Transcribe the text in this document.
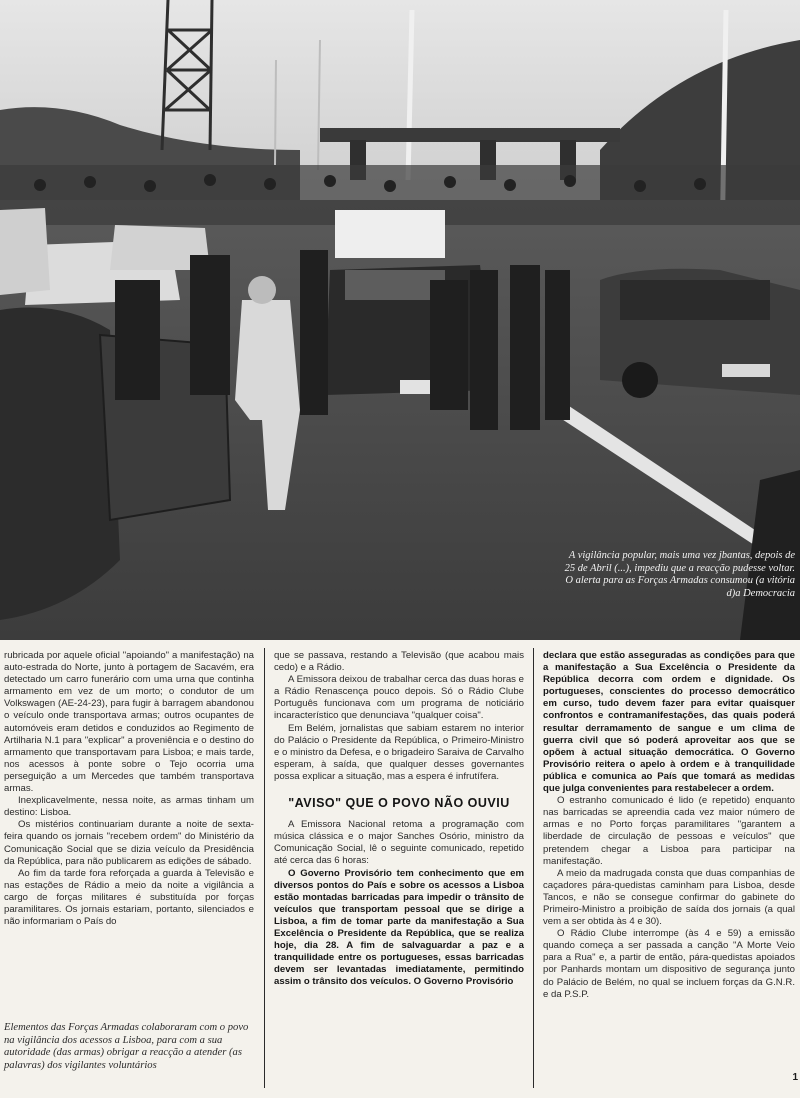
A vigilância popular, mais uma vez jbantas, depois de 25 de Abril (...), impediu que a reacção pudesse voltar. O alerta para as Forças Armadas consumou (a vitória d)a Democracia

rubricada por aquele oficial "apoiando" a manifestação) na auto-estrada do Norte, junto à portagem de Sacavém, era detectado um carro funerário com uma urna que continha armamento em vez de um morto; o condutor de um Volkswagen (AE-24-23), para fugir à barragem abandonou o veículo onde transportava armas; outros ocupantes de automóveis eram detidos e conduzidos ao Regimento de Artilharia N.1 para "explicar" a proveniência e o destino do armamento que transportavam para Lisboa; e mais tarde, nos acessos à ponte sobre o Tejo ocorria uma perseguição a um Mercedes que também transportava armas.

Inexplicavelmente, nessa noite, as armas tinham um destino: Lisboa.

Os mistérios continuariam durante a noite de sexta-feira quando os jornais "recebem ordem" do Ministério da Comunicação Social que se dizia veículo da Presidência da República, para não publicarem as edições de sábado.

Ao fim da tarde fora reforçada a guarda à Televisão e nas estações de Rádio a meio da noite a vigilância a cargo de forças militares é substituída por forças paramilitares. Os jornais estariam, portanto, silenciados e não informariam o País do

Elementos das Forças Armadas colaboraram com o povo na vigilância dos acessos a Lisboa, para com a sua autoridade (das armas) obrigar a reacção a atender (as palavras) dos vigilantes voluntários

que se passava, restando a Televisão (que acabou mais cedo) e a Rádio.

A Emissora deixou de trabalhar cerca das duas horas e a Rádio Renascença pouco depois. Só o Rádio Clube Português funcionava com um programa de noticiário incaracterístico que denunciava "qualquer coisa".

Em Belém, jornalistas que sabiam estarem no interior do Palácio o Presidente da República, o Primeiro-Ministro e o ministro da Defesa, e o brigadeiro Saraiva de Carvalho esperam, à saída, que qualquer desses governantes possa explicar a situação, mas a espera é infrutífera.

"AVISO" QUE O POVO NÃO OUVIU

A Emissora Nacional retoma a programação com música clássica e o major Sanches Osório, ministro da Comunicação Social, lê o seguinte comunicado, repetido até cerca das 6 horas:

O Governo Provisório tem conhecimento que em diversos pontos do País e sobre os acessos a Lisboa estão montadas barricadas para impedir o trânsito de veículos que transportam pessoal que se dirige a Lisboa, a fim de tomar parte da manifestação a Sua Excelência o Presidente da República, que se realiza hoje, dia 28. A fim de salvaguardar a paz e a tranquilidade entre os portugueses, essas barricadas devem ser levantadas imediatamente, permitindo assim o trânsito dos veículos. O Governo Provisório

declara que estão asseguradas as condições para que a manifestação a Sua Excelência o Presidente da República decorra com ordem e dignidade. Os portugueses, conscientes do processo democrático em curso, tudo devem fazer para evitar quaisquer confrontos e contramanifestações, das quais poderá resultar derramamento de sangue e um clima de guerra civil que só poderá aproveitar aos que se opõem à actual situação democrática. O Governo Provisório reitera o apelo à ordem e à tranquilidade pública e comunica ao País que tomará as medidas que julga convenientes para restabelecer a ordem.

O estranho comunicado é lido (e repetido) enquanto nas barricadas se apreendia cada vez maior número de armas e no Porto forças paramilitares "garantem a liberdade de circulação de pessoas e veículos" que pretendem chegar a Lisboa para participar na manifestação.

A meio da madrugada consta que duas companhias de caçadores pára-quedistas caminham para Lisboa, desde Tancos, e não se consegue confirmar do gabinete do Primeiro-Ministro a proibição de saída dos jornais (a qual vem a ser obtida às 4 e 30).

O Rádio Clube interrompe (às 4 e 59) a emissão quando começa a ser passada a canção "A Morte Veio para a Rua" e, a partir de então, pára-quedistas apoiados por Panhards montam um dispositivo de segurança junto do Palácio de Belém, no qual se incluem forças da G.N.R. e da P.S.P.

1
